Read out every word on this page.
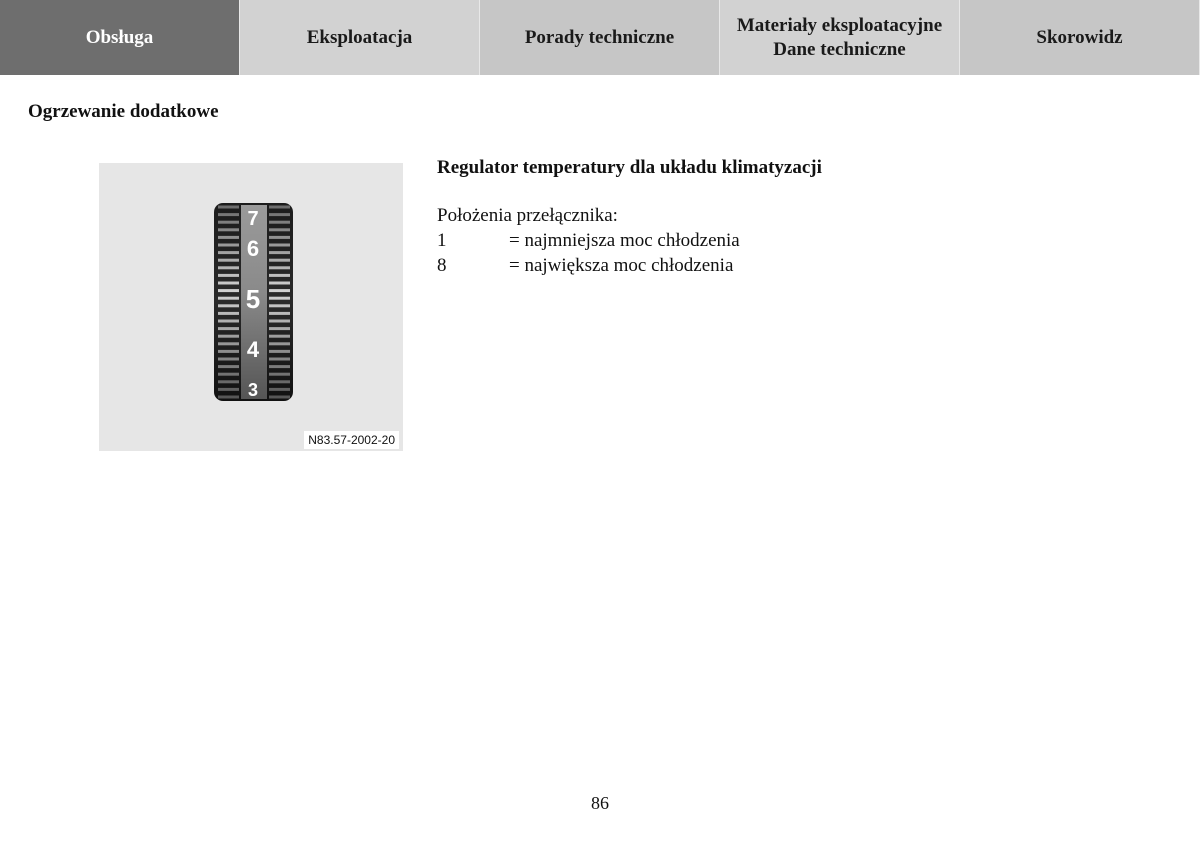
Obsługa	Eksploatacja	Porady techniczne
Materiały eksploatacyjne
Dane techniczne
Skorowidz
Ogrzewanie dodatkowe
7
6
5
4
3
N83.57-2002-20
Regulator temperatury dla układu klimatyzacji

Położenia przełącznika:

1	= najmniejsza moc chłodzenia
8	= największa moc chłodzenia
86
